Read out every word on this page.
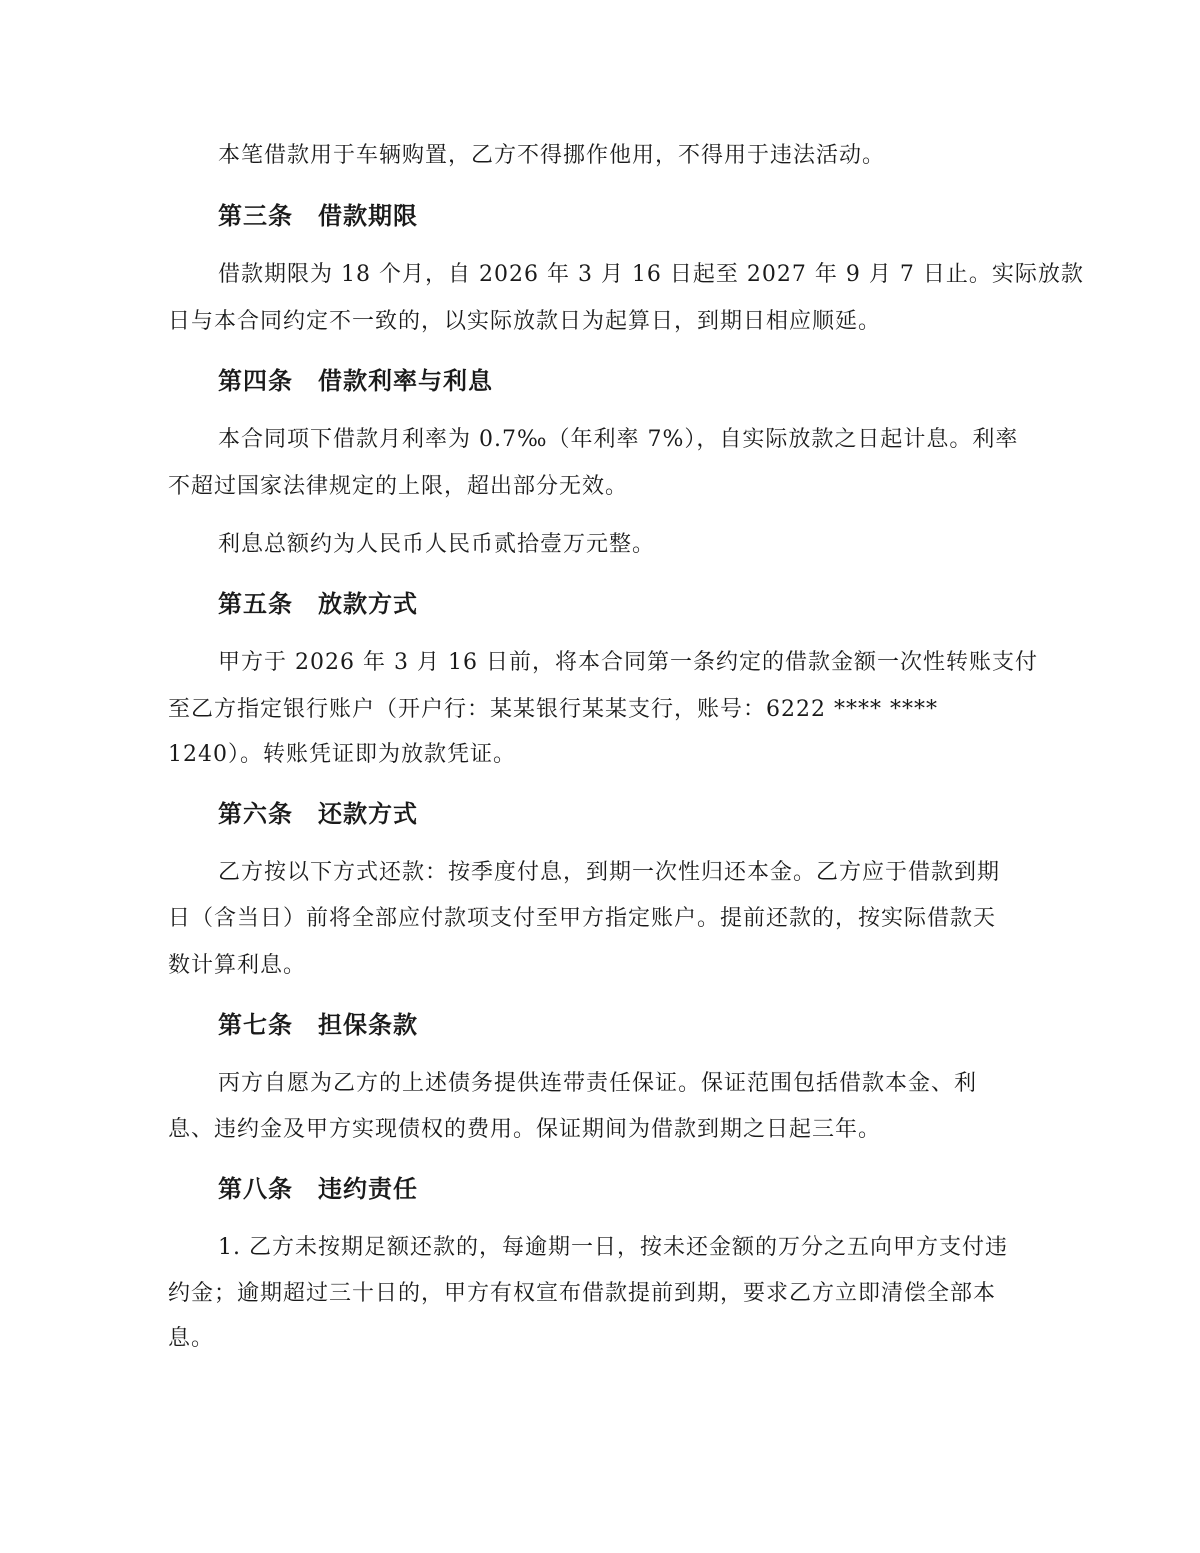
本笔借款用于车辆购置，乙方不得挪作他用，不得用于违法活动。
第三条　借款期限
借款期限为 18 个月，自 2026 年 3 月 16 日起至 2027 年 9 月 7 日止。实际放款
日与本合同约定不一致的，以实际放款日为起算日，到期日相应顺延。
第四条　借款利率与利息
本合同项下借款月利率为 0.7‰（年利率 7%），自实际放款之日起计息。利率
不超过国家法律规定的上限，超出部分无效。
利息总额约为人民币人民币贰拾壹万元整。
第五条　放款方式
甲方于 2026 年 3 月 16 日前，将本合同第一条约定的借款金额一次性转账支付
至乙方指定银行账户（开户行：某某银行某某支行，账号：6222 **** ****
1240）。转账凭证即为放款凭证。
第六条　还款方式
乙方按以下方式还款：按季度付息，到期一次性归还本金。乙方应于借款到期
日（含当日）前将全部应付款项支付至甲方指定账户。提前还款的，按实际借款天
数计算利息。
第七条　担保条款
丙方自愿为乙方的上述债务提供连带责任保证。保证范围包括借款本金、利
息、违约金及甲方实现债权的费用。保证期间为借款到期之日起三年。
第八条　违约责任
1. 乙方未按期足额还款的，每逾期一日，按未还金额的万分之五向甲方支付违
约金；逾期超过三十日的，甲方有权宣布借款提前到期，要求乙方立即清偿全部本
息。
